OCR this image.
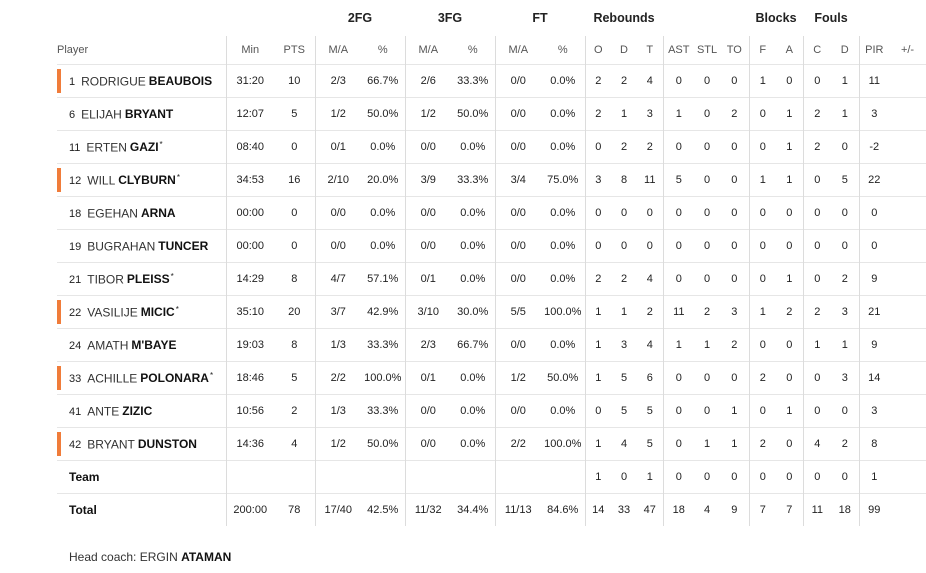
			2FG		3FG		FT		Rebounds						Blocks		Fouls			
Player	Min	PTS	M/A	%	M/A	%	M/A	%	O	D	T	AST	STL	TO	F	A	C	D	PIR	+/-

1 RODRIGUE BEAUBOIS	31:20	10	2/3	66.7%	2/6	33.3%	0/0	0.0%	2	2	4	0	0	0	1	0	0	1	11	
6 ELIJAH BRYANT	12:07	5	1/2	50.0%	1/2	50.0%	0/0	0.0%	2	1	3	1	0	2	0	1	2	1	3	
11 ERTEN GAZI*	08:40	0	0/1	0.0%	0/0	0.0%	0/0	0.0%	0	2	2	0	0	0	0	1	2	0	-2	

12 WILL CLYBURN*	34:53	16	2/10	20.0%	3/9	33.3%	3/4	75.0%	3	8	11	5	0	0	1	1	0	5	22	
18 EGEHAN ARNA	00:00	0	0/0	0.0%	0/0	0.0%	0/0	0.0%	0	0	0	0	0	0	0	0	0	0	0	
19 BUGRAHAN TUNCER	00:00	0	0/0	0.0%	0/0	0.0%	0/0	0.0%	0	0	0	0	0	0	0	0	0	0	0	
21 TIBOR PLEISS*	14:29	8	4/7	57.1%	0/1	0.0%	0/0	0.0%	2	2	4	0	0	0	0	1	0	2	9	

22 VASILIJE MICIC*	35:10	20	3/7	42.9%	3/10	30.0%	5/5	100.0%	1	1	2	11	2	3	1	2	2	3	21	
24 AMATH M'BAYE	19:03	8	1/3	33.3%	2/3	66.7%	0/0	0.0%	1	3	4	1	1	2	0	0	1	1	9	

33 ACHILLE POLONARA*	18:46	5	2/2	100.0%	0/1	0.0%	1/2	50.0%	1	5	6	0	0	0	2	0	0	3	14	
41 ANTE ZIZIC	10:56	2	1/3	33.3%	0/0	0.0%	0/0	0.0%	0	5	5	0	0	1	0	1	0	0	3	

42 BRYANT DUNSTON	14:36	4	1/2	50.0%	0/0	0.0%	2/2	100.0%	1	4	5	0	1	1	2	0	4	2	8	
Team									1	0	1	0	0	0	0	0	0	0	1	
Total	200:00	78	17/40	42.5%	11/32	34.4%	11/13	84.6%	14	33	47	18	4	9	7	7	11	18	99	
Head coach: ERGIN ATAMAN
